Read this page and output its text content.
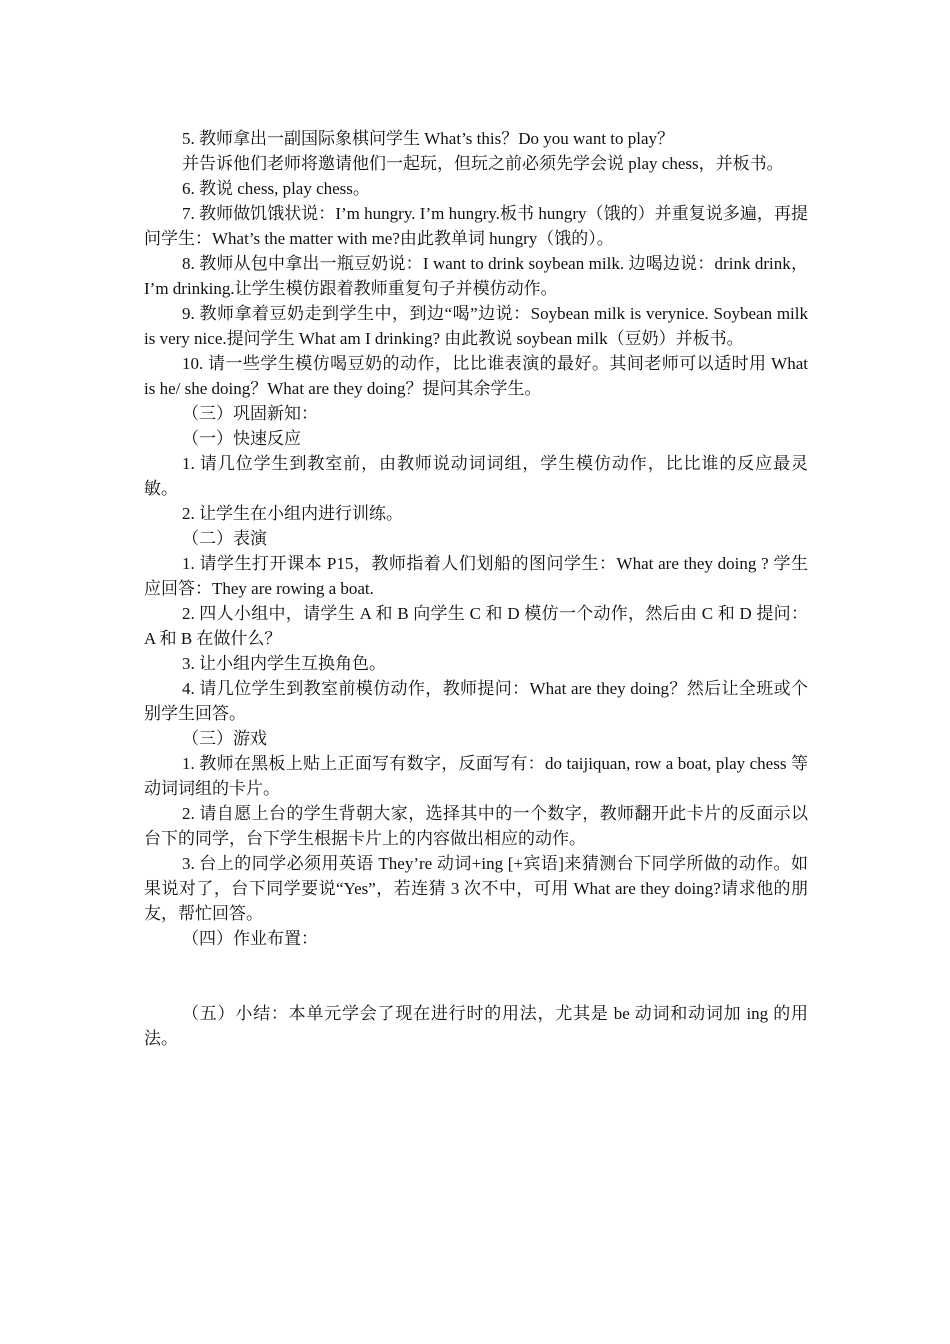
5. 教师拿出一副国际象棋问学生 What’s this？Do you want to play？

并告诉他们老师将邀请他们一起玩，但玩之前必须先学会说 play chess，并板书。

6. 教说 chess, play chess。

7. 教师做饥饿状说：I’m hungry. I’m hungry.板书 hungry（饿的）并重复说多遍，再提问学生：What’s the matter with me?由此教单词 hungry（饿的）。

8. 教师从包中拿出一瓶豆奶说：I want to drink soybean milk. 边喝边说：drink drink，I’m drinking.让学生模仿跟着教师重复句子并模仿动作。

9. 教师拿着豆奶走到学生中，到边“喝”边说：Soybean milk is verynice. Soybean milk is very nice.提问学生 What am I drinking? 由此教说 soybean milk（豆奶）并板书。

10. 请一些学生模仿喝豆奶的动作，比比谁表演的最好。其间老师可以适时用 What is he/ she doing？What are they doing？提问其余学生。

（三）巩固新知：

（一）快速反应

1. 请几位学生到教室前，由教师说动词词组，学生模仿动作，比比谁的反应最灵敏。

2. 让学生在小组内进行训练。

（二）表演

1. 请学生打开课本 P15，教师指着人们划船的图问学生：What are they doing ? 学生应回答：They are rowing a boat.

2. 四人小组中，请学生 A 和 B 向学生 C 和 D 模仿一个动作，然后由 C 和 D 提问：A 和 B 在做什么？

3. 让小组内学生互换角色。

4. 请几位学生到教室前模仿动作，教师提问：What are they doing？然后让全班或个别学生回答。

（三）游戏

1. 教师在黑板上贴上正面写有数字，反面写有：do taijiquan, row a boat, play chess 等动词词组的卡片。

2. 请自愿上台的学生背朝大家，选择其中的一个数字，教师翻开此卡片的反面示以台下的同学，台下学生根据卡片上的内容做出相应的动作。

3. 台上的同学必须用英语 They’re 动词+ing [+宾语]来猜测台下同学所做的动作。如果说对了，台下同学要说“Yes”，若连猜 3 次不中，可用 What are they doing?请求他的朋友，帮忙回答。

（四）作业布置：

（五）小结：本单元学会了现在进行时的用法，尤其是 be 动词和动词加 ing 的用法。
